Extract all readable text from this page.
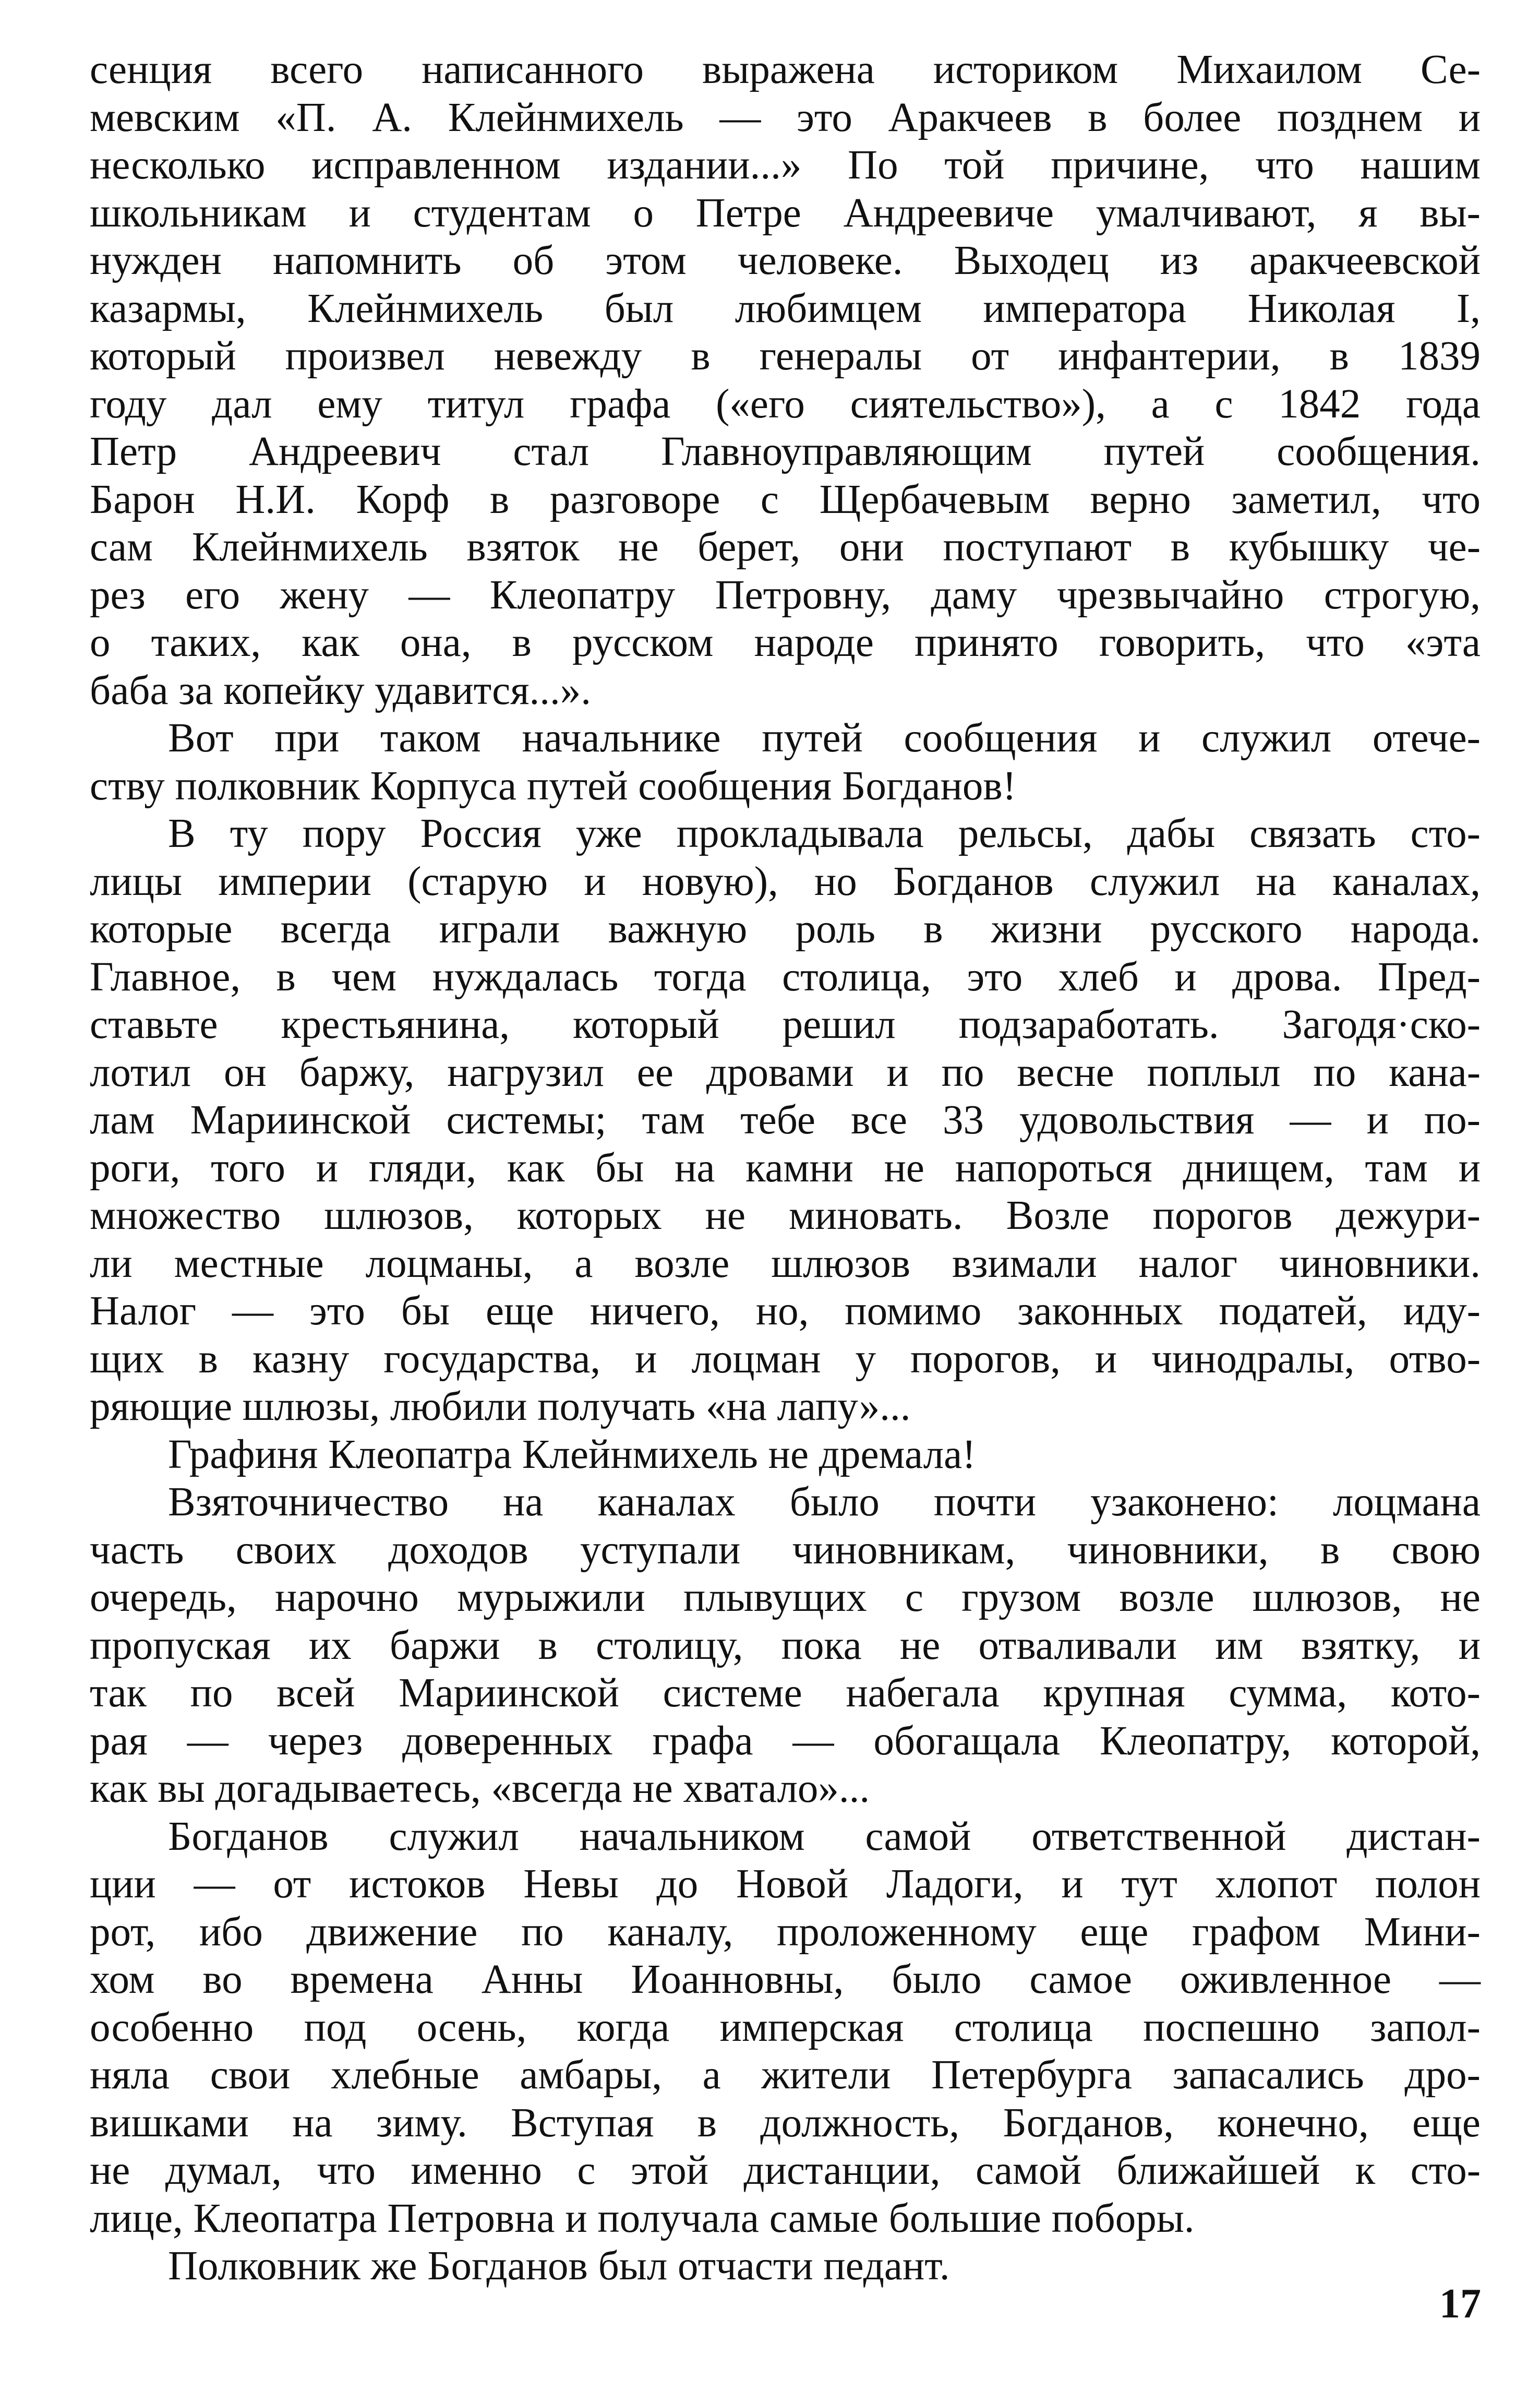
сенция всего написанного выражена историком Михаилом Се-
мевским «П. А. Клейнмихель — это Аракчеев в более позднем и
несколько исправленном издании...» По той причине, что нашим
школьникам и студентам о Петре Андреевиче умалчивают, я вы-
нужден напомнить об этом человеке. Выходец из аракчеевской
казармы, Клейнмихель был любимцем императора Николая I,
который произвел невежду в генералы от инфантерии, в 1839
году дал ему титул графа («его сиятельство»), а с 1842 года
Петр Андреевич стал Главноуправляющим путей сообщения.
Барон Н.И. Корф в разговоре с Щербачевым верно заметил, что
сам Клейнмихель взяток не берет, они поступают в кубышку че-
рез его жену — Клеопатру Петровну, даму чрезвычайно строгую,
о таких, как она, в русском народе принято говорить, что «эта
баба за копейку удавится...».
Вот при таком начальнике путей сообщения и служил отече-
ству полковник Корпуса путей сообщения Богданов!
В ту пору Россия уже прокладывала рельсы, дабы связать сто-
лицы империи (старую и новую), но Богданов служил на каналах,
которые всегда играли важную роль в жизни русского народа.
Главное, в чем нуждалась тогда столица, это хлеб и дрова. Пред-
ставьте крестьянина, который решил подзаработать. Загодя·ско-
лотил он баржу, нагрузил ее дровами и по весне поплыл по кана-
лам Мариинской системы; там тебе все 33 удовольствия — и по-
роги, того и гляди, как бы на камни не напороться днищем, там и
множество шлюзов, которых не миновать. Возле порогов дежури-
ли местные лоцманы, а возле шлюзов взимали налог чиновники.
Налог — это бы еще ничего, но, помимо законных податей, иду-
щих в казну государства, и лоцман у порогов, и чинодралы, отво-
ряющие шлюзы, любили получать «на лапу»...
Графиня Клеопатра Клейнмихель не дремала!
Взяточничество на каналах было почти узаконено: лоцмана
часть своих доходов уступали чиновникам, чиновники, в свою
очередь, нарочно мурыжили плывущих с грузом возле шлюзов, не
пропуская их баржи в столицу, пока не отваливали им взятку, и
так по всей Мариинской системе набегала крупная сумма, кото-
рая — через доверенных графа — обогащала Клеопатру, которой,
как вы догадываетесь, «всегда не хватало»...
Богданов служил начальником самой ответственной дистан-
ции — от истоков Невы до Новой Ладоги, и тут хлопот полон
рот, ибо движение по каналу, проложенному еще графом Мини-
хом во времена Анны Иоанновны, было самое оживленное —
особенно под осень, когда имперская столица поспешно запол-
няла свои хлебные амбары, а жители Петербурга запасались дро-
вишками на зиму. Вступая в должность, Богданов, конечно, еще
не думал, что именно с этой дистанции, самой ближайшей к сто-
лице, Клеопатра Петровна и получала самые большие поборы.
Полковник же Богданов был отчасти педант.
17
